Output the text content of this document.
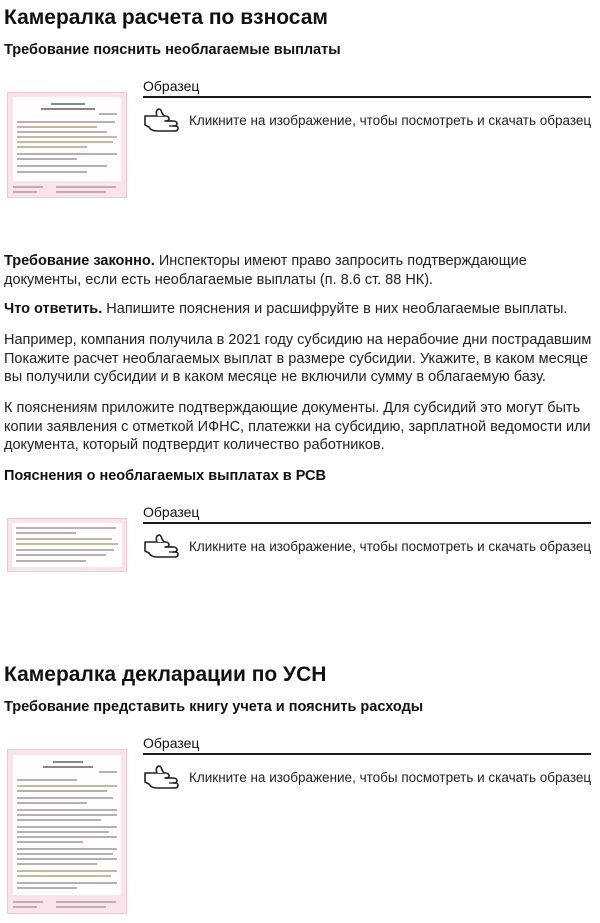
Камералка расчета по взносам
Требование пояснить необлагаемые выплаты
Образец
Кликните на изображение, чтобы посмотреть и скачать образец
Требование законно. Инспекторы имеют право запросить подтверждающие
документы, если есть необлагаемые выплаты (п. 8.6 ст. 88 НК).
Что ответить. Напишите пояснения и расшифруйте в них необлагаемые выплаты.
Например, компания получила в 2021 году субсидию на нерабочие дни пострадавшим
Покажите расчет необлагаемых выплат в размере субсидии. Укажите, в каком месяце
вы получили субсидии и в каком месяце не включили сумму в облагаемую базу.
К пояснениям приложите подтверждающие документы. Для субсидий это могут быть
копии заявления с отметкой ИФНС, платежки на субсидию, зарплатной ведомости или
документа, который подтвердит количество работников.
Пояснения о необлагаемых выплатах в РСВ
Образец
Кликните на изображение, чтобы посмотреть и скачать образец
Камералка декларации по УСН
Требование представить книгу учета и пояснить расходы
Образец
Кликните на изображение, чтобы посмотреть и скачать образец
